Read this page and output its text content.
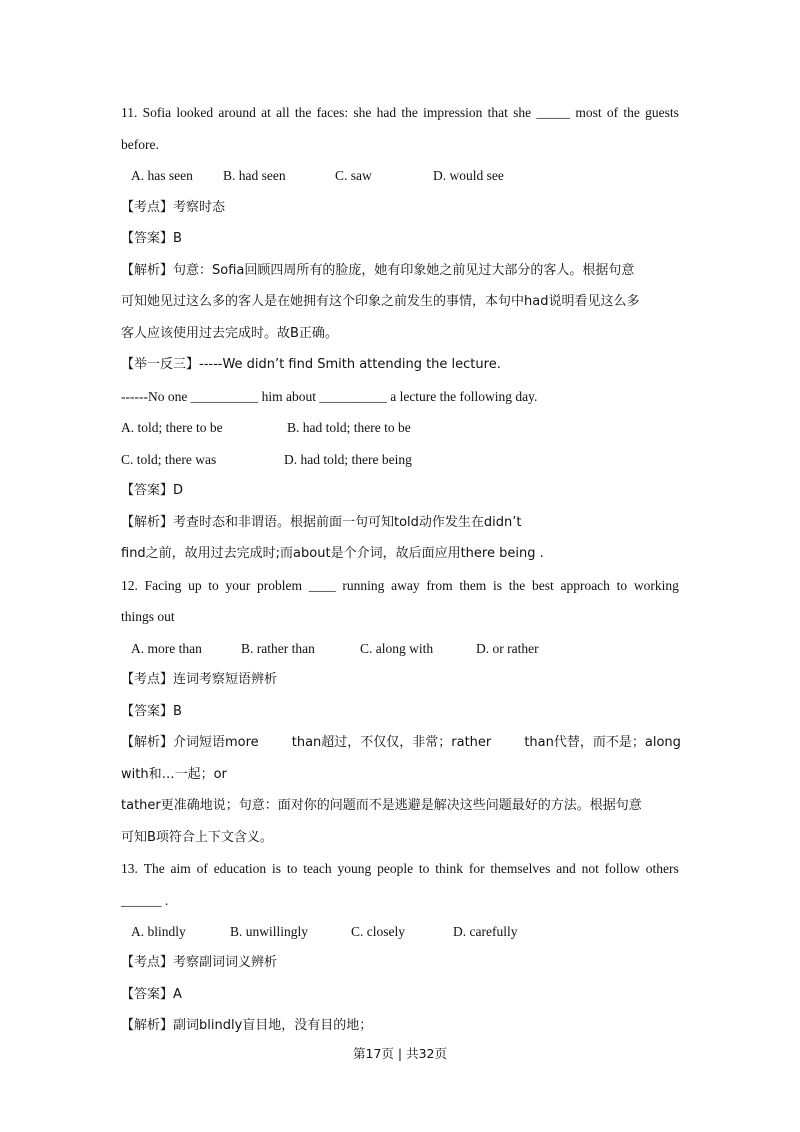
11. Sofia looked around at all the faces: she had the impression that she _____ most of the guests
before.
A. has seen B. had seen	C. saw	D. would see
【考点】考察时态
【答案】B
【解析】句意：Sofia回顾四周所有的脸庞，她有印象她之前见过大部分的客人。根据句意
可知她见过这么多的客人是在她拥有这个印象之前发生的事情，本句中had说明看见这么多
客人应该使用过去完成时。故B正确。
【举一反三】-----We didn’t find Smith attending the lecture.
------No one __________ him about __________ a lecture the following day.
A. told; there to be	B. had told; there to be
C. told; there was	D. had told; there being
【答案】D
【解析】考查时态和非谓语。根据前面一句可知told动作发生在didn’t
find之前，故用过去完成时;而about是个介词，故后面应用there being .
12. Facing up to your problem ____ running away from them is the best approach to working
things out
A. more than	B. rather than	C. along with	D. or rather
【考点】连词考察短语辨析
【答案】B
【解析】介词短语more        than超过，不仅仅，非常；rather        than代替，而不是；along
with和…一起；or
tather更准确地说；句意：面对你的问题而不是逃避是解决这些问题最好的方法。根据句意
可知B项符合上下文含义。
13. The aim of education is to teach young people to think for themselves and not follow others
______ .
A. blindly	B. unwillingly	C. closely	D. carefully
【考点】考察副词词义辨析
【答案】A
【解析】副词blindly盲目地，没有目的地；
第17页 | 共32页
